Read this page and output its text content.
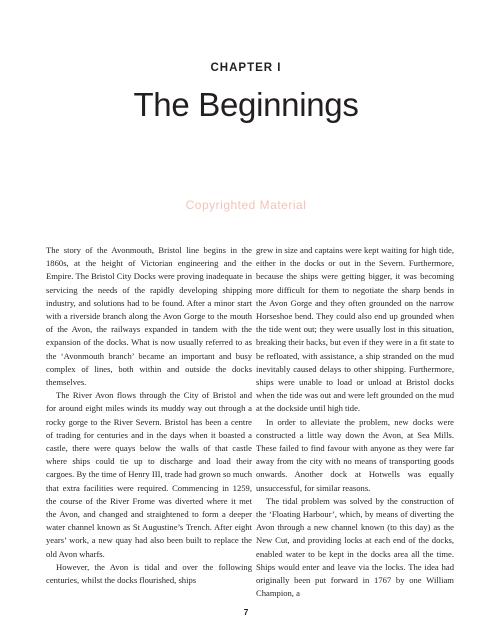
CHAPTER I
The Beginnings
Copyrighted Material

The story of the Avonmouth, Bristol line begins in the 1860s, at the height of Victorian engineering and the Empire. The Bristol City Docks were proving inadequate in servicing the needs of the rapidly developing shipping industry, and solutions had to be found. After a minor start with a riverside branch along the Avon Gorge to the mouth of the Avon, the railways expanded in tandem with the expansion of the docks. What is now usually referred to as the ‘Avonmouth branch’ became an important and busy complex of lines, both within and outside the docks themselves.

The River Avon flows through the City of Bristol and for around eight miles winds its muddy way out through a rocky gorge to the River Severn. Bristol has been a centre of trading for centuries and in the days when it boasted a castle, there were quays below the walls of that castle where ships could tie up to discharge and load their cargoes. By the time of Henry III, trade had grown so much that extra facilities were required. Commencing in 1259, the course of the River Frome was diverted where it met the Avon, and changed and straightened to form a deeper water channel known as St Augustine’s Trench. After eight years’ work, a new quay had also been built to replace the old Avon wharfs.

However, the Avon is tidal and over the following centuries, whilst the docks flourished, ships

grew in size and captains were kept waiting for high tide, either in the docks or out in the Severn. Furthermore, because the ships were getting bigger, it was becoming more difficult for them to negotiate the sharp bends in the Avon Gorge and they often grounded on the narrow Horseshoe bend. They could also end up grounded when the tide went out; they were usually lost in this situation, breaking their backs, but even if they were in a fit state to be refloated, with assistance, a ship stranded on the mud inevitably caused delays to other shipping. Furthermore, ships were unable to load or unload at Bristol docks when the tide was out and were left grounded on the mud at the dockside until high tide.

In order to alleviate the problem, new docks were constructed a little way down the Avon, at Sea Mills. These failed to find favour with anyone as they were far away from the city with no means of transporting goods onwards. Another dock at Hotwells was equally unsuccessful, for similar reasons.

The tidal problem was solved by the construction of the ‘Floating Harbour’, which, by means of diverting the Avon through a new channel known (to this day) as the New Cut, and providing locks at each end of the docks, enabled water to be kept in the docks area all the time. Ships would enter and leave via the locks. The idea had originally been put forward in 1767 by one William Champion, a

7
